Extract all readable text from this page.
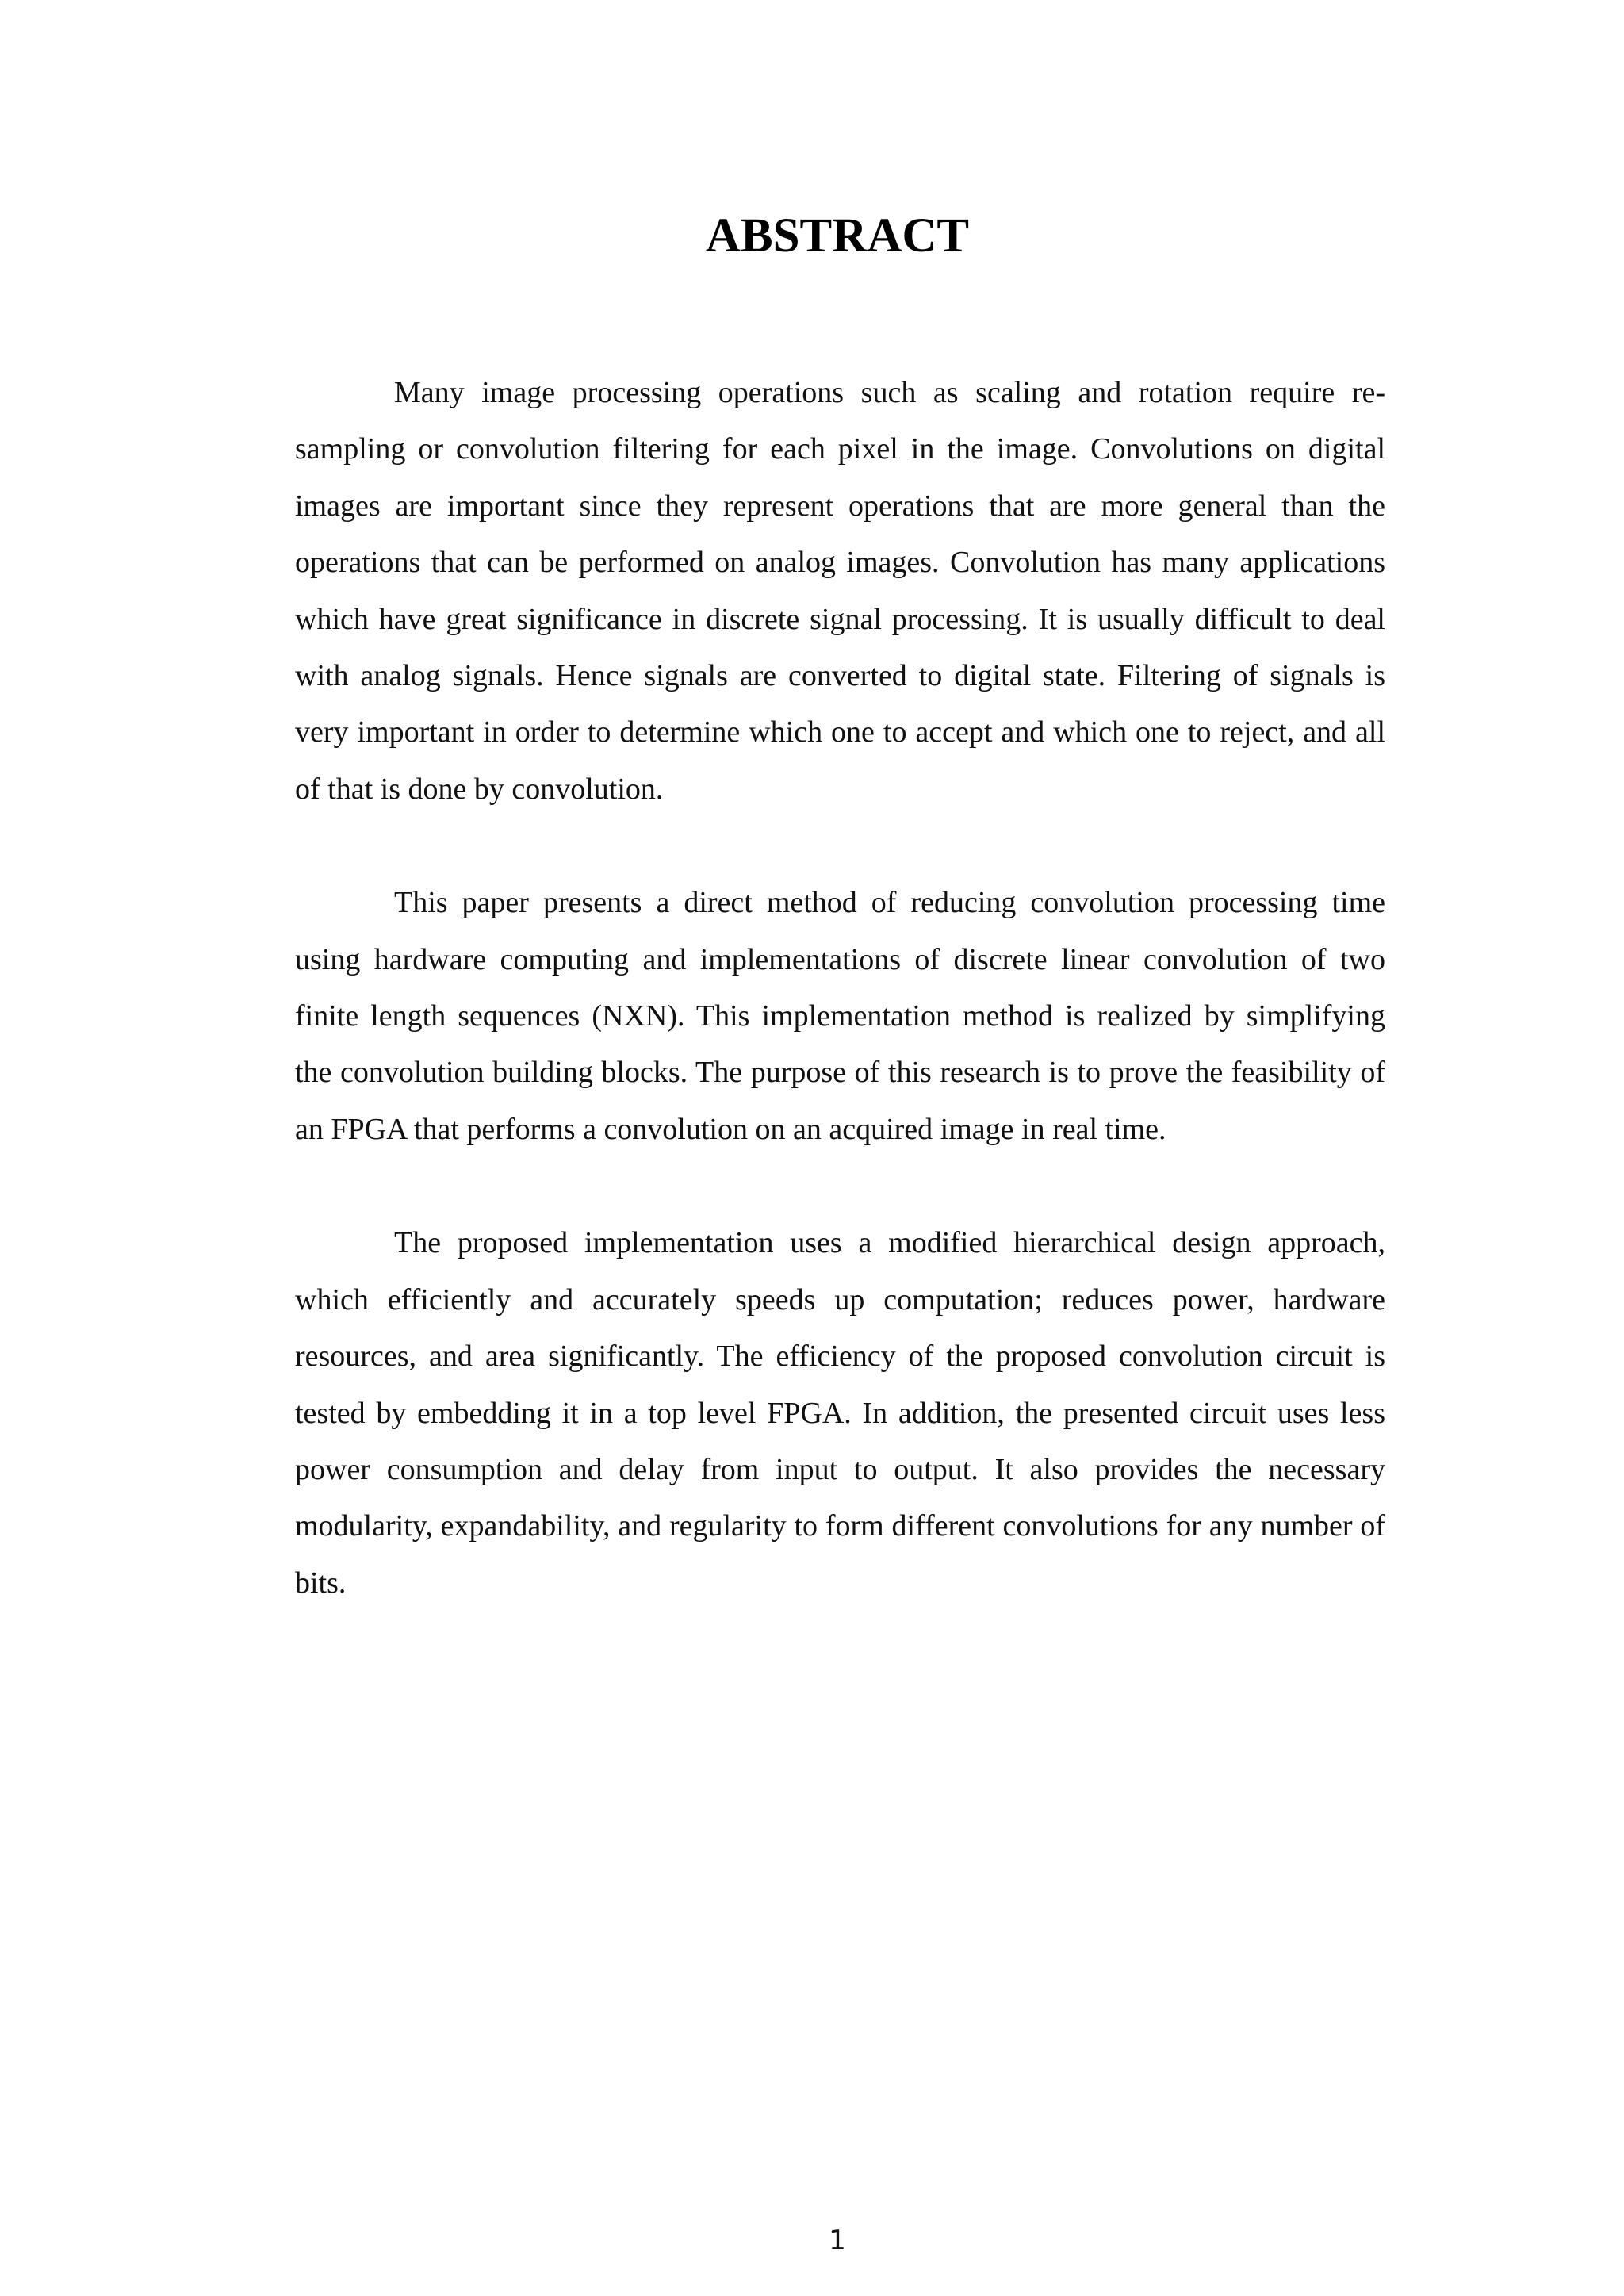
ABSTRACT

Many image processing operations such as scaling and rotation require re-sampling or convolution filtering for each pixel in the image. Convolutions on digital images are important since they represent operations that are more general than the operations that can be performed on analog images. Convolution has many applications which have great significance in discrete signal processing. It is usually difficult to deal with analog signals. Hence signals are converted to digital state. Filtering of signals is very important in order to determine which one to accept and which one to reject, and all of that is done by convolution.

This paper presents a direct method of reducing convolution processing time using hardware computing and implementations of discrete linear convolution of two finite length sequences (NXN). This implementation method is realized by simplifying the convolution building blocks. The purpose of this research is to prove the feasibility of an FPGA that performs a convolution on an acquired image in real time.

The proposed implementation uses a modified hierarchical design approach, which efficiently and accurately speeds up computation; reduces power, hardware resources, and area significantly. The efficiency of the proposed convolution circuit is tested by embedding it in a top level FPGA. In addition, the presented circuit uses less power consumption and delay from input to output. It also provides the necessary modularity, expandability, and regularity to form different convolutions for any number of bits.

1
